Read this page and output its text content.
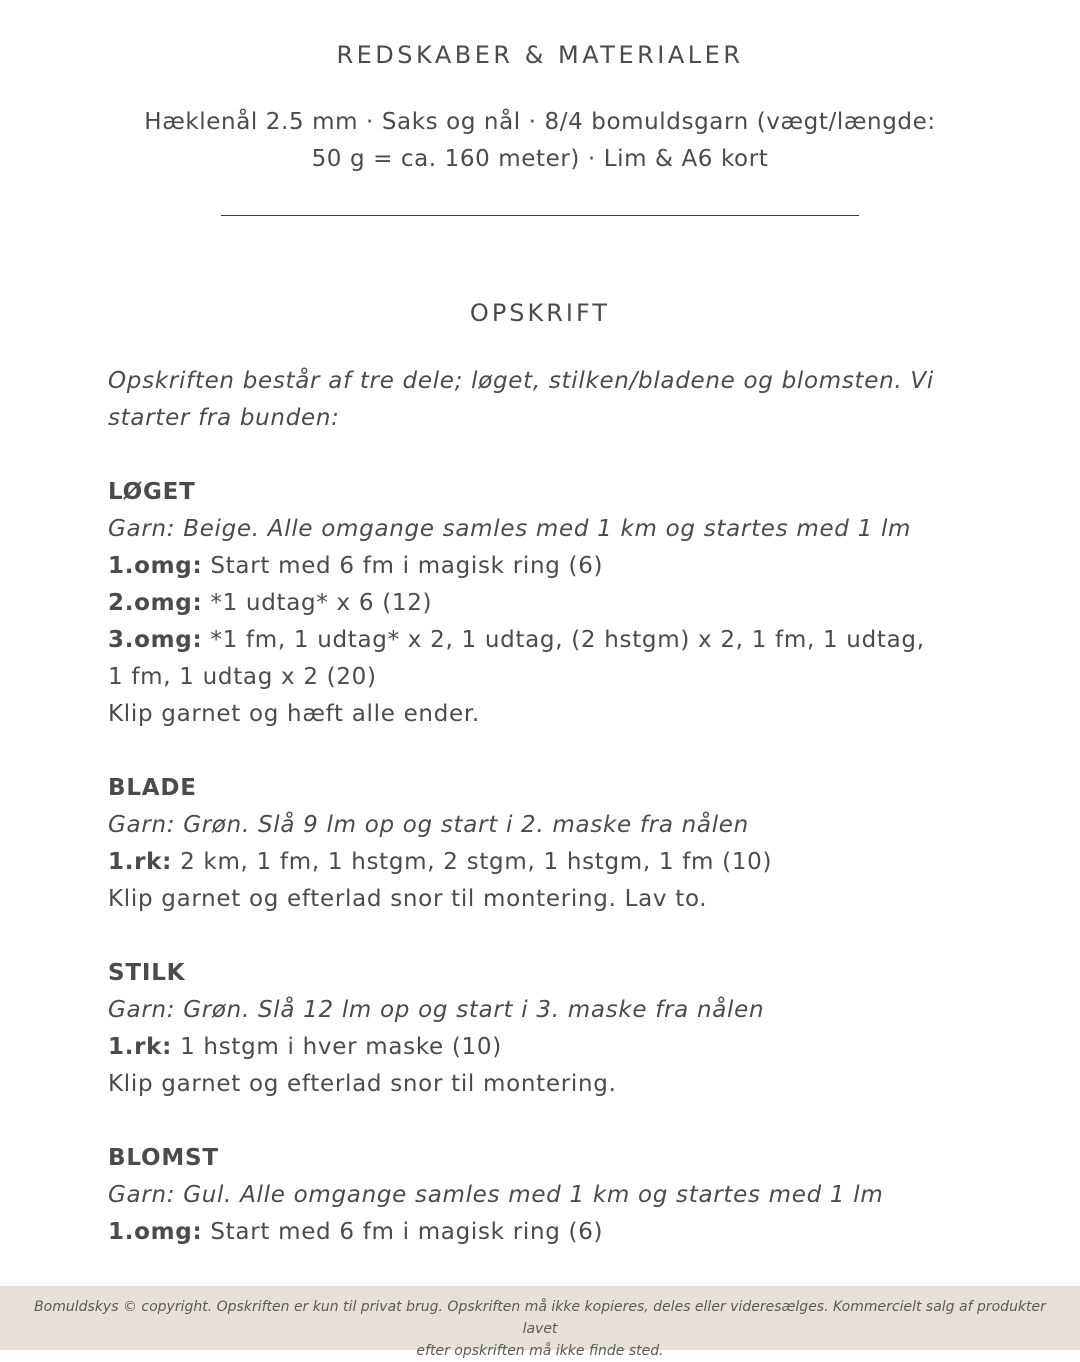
REDSKABER & MATERIALER

Hæklenål 2.5 mm · Saks og nål · 8/4 bomuldsgarn (vægt/længde:
50 g = ca. 160 meter) · Lim & A6 kort

OPSKRIFT

Opskriften består af tre dele; løget, stilken/bladene og blomsten. Vi
starter fra bunden:

LØGET

Garn: Beige. Alle omgange samles med 1 km og startes med 1 lm

1.omg: Start med 6 fm i magisk ring (6)

2.omg: *1 udtag* x 6 (12)

3.omg: *1 fm, 1 udtag* x 2, 1 udtag, (2 hstgm) x 2, 1 fm, 1 udtag,
1 fm, 1 udtag x 2 (20)

Klip garnet og hæft alle ender.

BLADE

Garn: Grøn. Slå 9 lm op og start i 2. maske fra nålen

1.rk: 2 km, 1 fm, 1 hstgm, 2 stgm, 1 hstgm, 1 fm (10)

Klip garnet og efterlad snor til montering. Lav to.

STILK

Garn: Grøn. Slå 12 lm op og start i 3. maske fra nålen

1.rk: 1 hstgm i hver maske (10)

Klip garnet og efterlad snor til montering.

BLOMST

Garn: Gul. Alle omgange samles med 1 km og startes med 1 lm

1.omg: Start med 6 fm i magisk ring (6)

Bomuldskys © copyright. Opskriften er kun til privat brug. Opskriften må ikke kopieres, deles eller videresælges. Kommercielt salg af produkter lavet
efter opskriften må ikke finde sted.
